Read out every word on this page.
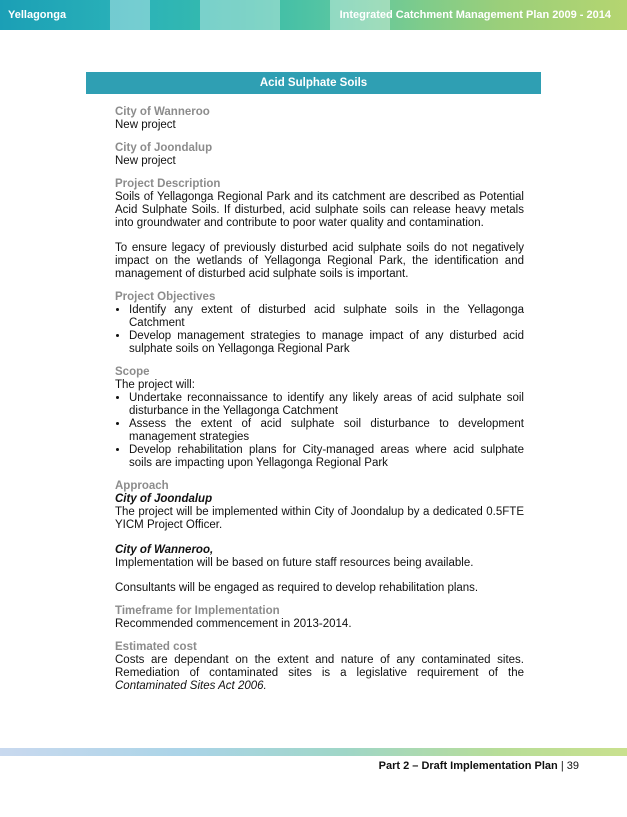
Yellagonga	Integrated Catchment Management Plan 2009 - 2014
Acid Sulphate Soils
City of Wanneroo
New project
City of Joondalup
New project
Project Description
Soils of Yellagonga Regional Park and its catchment are described as Potential Acid Sulphate Soils. If disturbed, acid sulphate soils can release heavy metals into groundwater and contribute to poor water quality and contamination.
To ensure legacy of previously disturbed acid sulphate soils do not negatively impact on the wetlands of Yellagonga Regional Park, the identification and management of disturbed acid sulphate soils is important.
Project Objectives
• Identify any extent of disturbed acid sulphate soils in the Yellagonga Catchment
• Develop management strategies to manage impact of any disturbed acid sulphate soils on Yellagonga Regional Park
Scope
The project will:
• Undertake reconnaissance to identify any likely areas of acid sulphate soil disturbance in the Yellagonga Catchment
• Assess the extent of acid sulphate soil disturbance to development management strategies
• Develop rehabilitation plans for City-managed areas where acid sulphate soils are impacting upon Yellagonga Regional Park
Approach
City of Joondalup
The project will be implemented within City of Joondalup by a dedicated 0.5FTE YICM Project Officer.
City of Wanneroo,
Implementation will be based on future staff resources being available.
Consultants will be engaged as required to develop rehabilitation plans.
Timeframe for Implementation
Recommended commencement in 2013-2014.
Estimated cost
Costs are dependant on the extent and nature of any contaminated sites. Remediation of contaminated sites is a legislative requirement of the Contaminated Sites Act 2006.
Part 2 – Draft Implementation Plan | 39
